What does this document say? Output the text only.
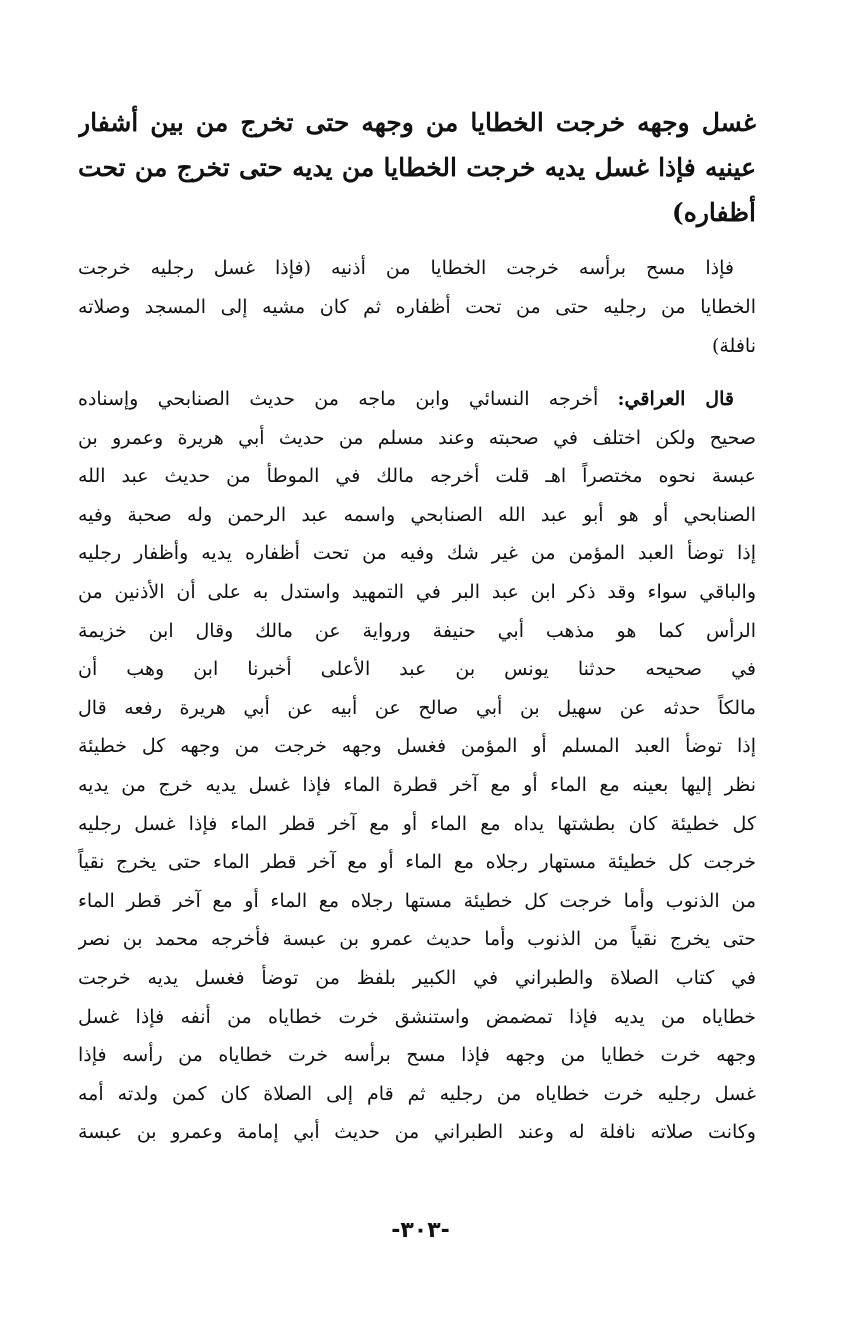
غسل وجهه خرجت الخطايا من وجهه حتى تخرج من بين أشفار
عينيه فإذا غسل يديه خرجت الخطايا من يديه حتى تخرج من تحت
أظفاره)
فإذا مسح برأسه خرجت الخطايا من أذنيه (فإذا غسل رجليه خرجت
الخطايا من رجليه حتى من تحت أظفاره ثم كان مشيه إلى المسجد وصلاته
نافلة)
قال العراقي: أخرجه النسائي وابن ماجه من حديث الصنابحي وإسناده
صحيح ولكن اختلف في صحبته وعند مسلم من حديث أبي هريرة وعمرو بن
عبسة نحوه مختصراً اهـ قلت أخرجه مالك في الموطأ من حديث عبد الله
الصنابحي أو هو أبو عبد الله الصنابحي واسمه عبد الرحمن وله صحبة وفيه
إذا توضأ العبد المؤمن من غير شك وفيه من تحت أظفاره يديه وأظفار رجليه
والباقي سواء وقد ذكر ابن عبد البر في التمهيد واستدل به على أن الأذنين من
الرأس كما هو مذهب أبي حنيفة ورواية عن مالك وقال ابن خزيمة
في صحيحه حدثنا يونس بن عبد الأعلى أخبرنا ابن وهب أن
مالكاً حدثه عن سهيل بن أبي صالح عن أبيه عن أبي هريرة رفعه قال
إذا توضأ العبد المسلم أو المؤمن فغسل وجهه خرجت من وجهه كل خطيئة
نظر إليها بعينه مع الماء أو مع آخر قطرة الماء فإذا غسل يديه خرج من يديه
كل خطيئة كان بطشتها يداه مع الماء أو مع آخر قطر الماء فإذا غسل رجليه
خرجت كل خطيئة مستهار رجلاه مع الماء أو مع آخر قطر الماء حتى يخرج نقياً
من الذنوب وأما خرجت كل خطيئة مستها رجلاه مع الماء أو مع آخر قطر الماء
حتى يخرج نقياً من الذنوب وأما حديث عمرو بن عبسة فأخرجه محمد بن نصر
في كتاب الصلاة والطبراني في الكبير بلفظ من توضأ فغسل يديه خرجت
خطاياه من يديه فإذا تمضمض واستنشق خرت خطاياه من أنفه فإذا غسل
وجهه خرت خطايا من وجهه فإذا مسح برأسه خرت خطاياه من رأسه فإذا
غسل رجليه خرت خطاياه من رجليه ثم قام إلى الصلاة كان كمن ولدته أمه
وكانت صلاته نافلة له وعند الطبراني من حديث أبي إمامة وعمرو بن عبسة
-٣٠٣-
